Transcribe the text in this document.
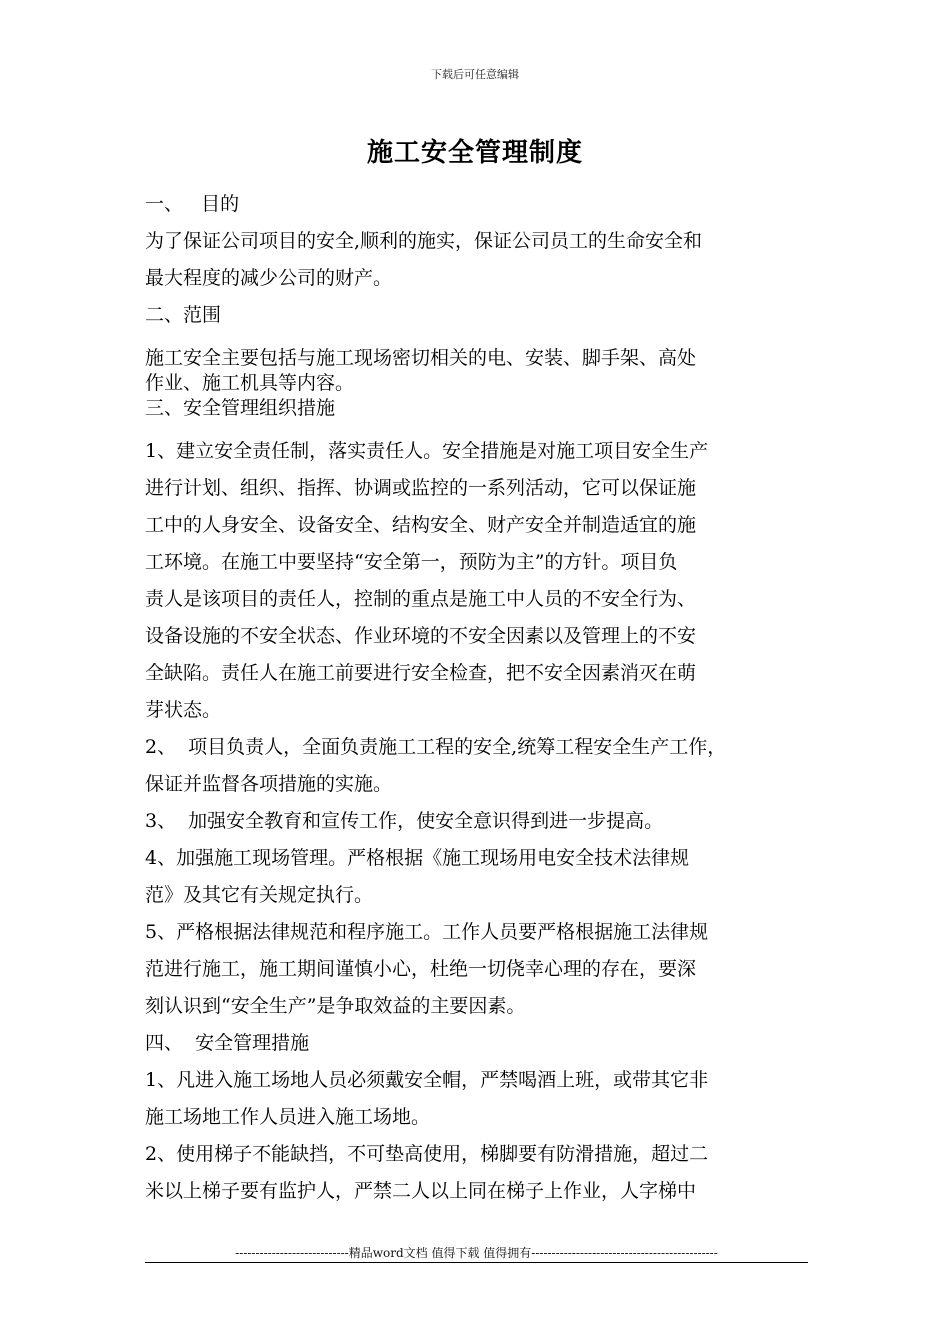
下载后可任意编辑
施工安全管理制度

一、   目的

为了保证公司项目的安全,顺利的施实，保证公司员工的生命安全和

最大程度的减少公司的财产。

二、范围

施工安全主要包括与施工现场密切相关的电、安装、脚手架、高处

作业、施工机具等内容。

三、安全管理组织措施

1、建立安全责任制，落实责任人。安全措施是对施工项目安全生产

进行计划、组织、指挥、协调或监控的一系列活动，它可以保证施

工中的人身安全、设备安全、结构安全、财产安全并制造适宜的施

工环境。在施工中要坚持“安全第一，预防为主”的方针。项目负

责人是该项目的责任人，控制的重点是施工中人员的不安全行为、

设备设施的不安全状态、作业环境的不安全因素以及管理上的不安

全缺陷。责任人在施工前要进行安全检查，把不安全因素消灭在萌

芽状态。

2、  项目负责人，全面负责施工工程的安全,统筹工程安全生产工作，

保证并监督各项措施的实施。

3、  加强安全教育和宣传工作，使安全意识得到进一步提高。

4、加强施工现场管理。严格根据《施工现场用电安全技术法律规

范》及其它有关规定执行。

5、严格根据法律规范和程序施工。工作人员要严格根据施工法律规

范进行施工，施工期间谨慎小心，杜绝一切侥幸心理的存在，要深

刻认识到“安全生产”是争取效益的主要因素。

四、  安全管理措施

1、凡进入施工场地人员必须戴安全帽，严禁喝酒上班，或带其它非

施工场地工作人员进入施工场地。

2、使用梯子不能缺挡，不可垫高使用，梯脚要有防滑措施，超过二

米以上梯子要有监护人，严禁二人以上同在梯子上作业，人字梯中

----------------------------精品word文档 值得下载 值得拥有----------------------------------------------
